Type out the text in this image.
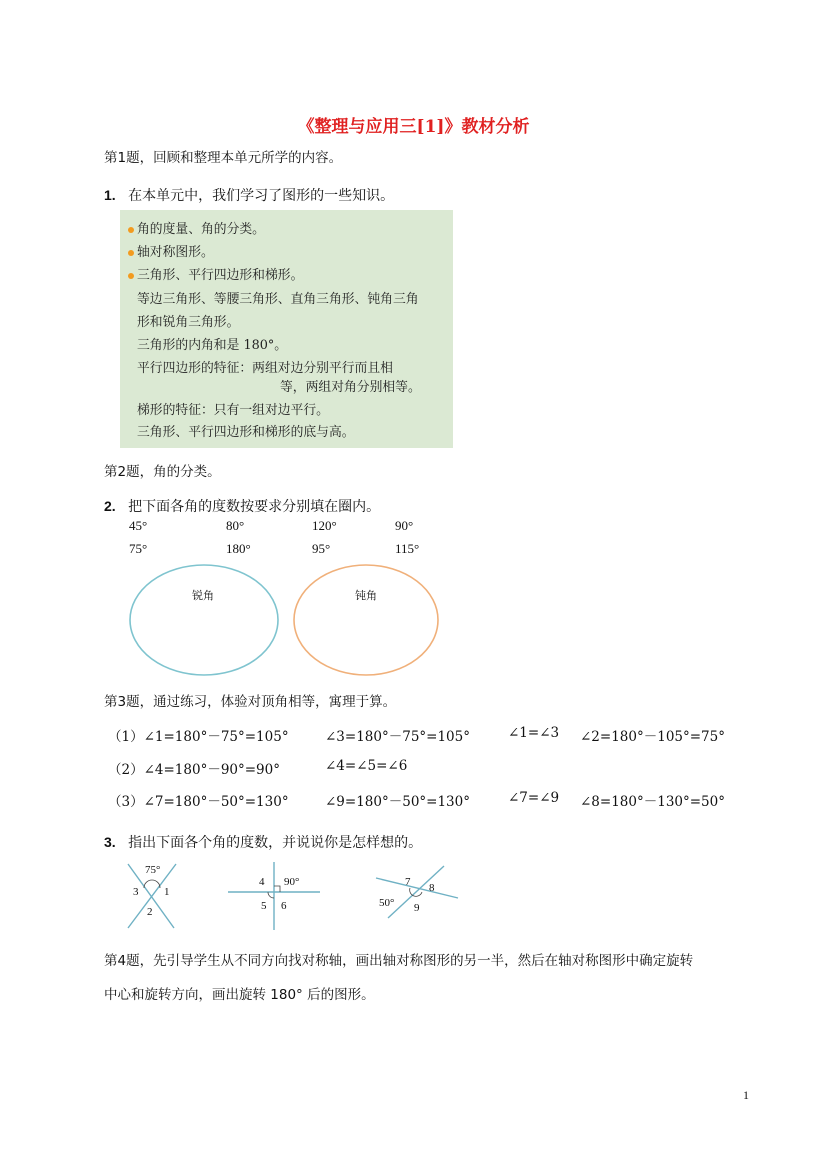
《整理与应用三[1]》教材分析
第1题，回顾和整理本单元所学的内容。
1. 在本单元中，我们学习了图形的一些知识。
角的度量、角的分类。
轴对称图形。
三角形、平行四边形和梯形。
等边三角形、等腰三角形、直角三角形、钝角三角
形和锐角三角形。
三角形的内角和是 180°。
平行四边形的特征：两组对边分别平行而且相
等，两组对角分别相等。
梯形的特征：只有一组对边平行。
三角形、平行四边形和梯形的底与高。
第2题，角的分类。
2. 把下面各角的度数按要求分别填在圈内。
45°	80°	120°	90°
75°	180°	95°	115°
锐角	钝角
第3题，通过练习，体验对顶角相等，寓理于算。
（1）∠1=180°－75°=105°	∠3=180°－75°=105°	∠1=∠3 ∠2=180°－105°=75°
（2）∠4=180°－90°=90°	∠4=∠5=∠6
（3）∠7=180°－50°=130°	∠9=180°－50°=130°	∠7=∠9 ∠8=180°－130°=50°
3. 指出下面各个角的度数，并说说你是怎样想的。
75°
3 1
2
4 90°
5 6
7 8
50° 9
第4题，先引导学生从不同方向找对称轴，画出轴对称图形的另一半，然后在轴对称图形中确定旋转
中心和旋转方向，画出旋转 180° 后的图形。
1
